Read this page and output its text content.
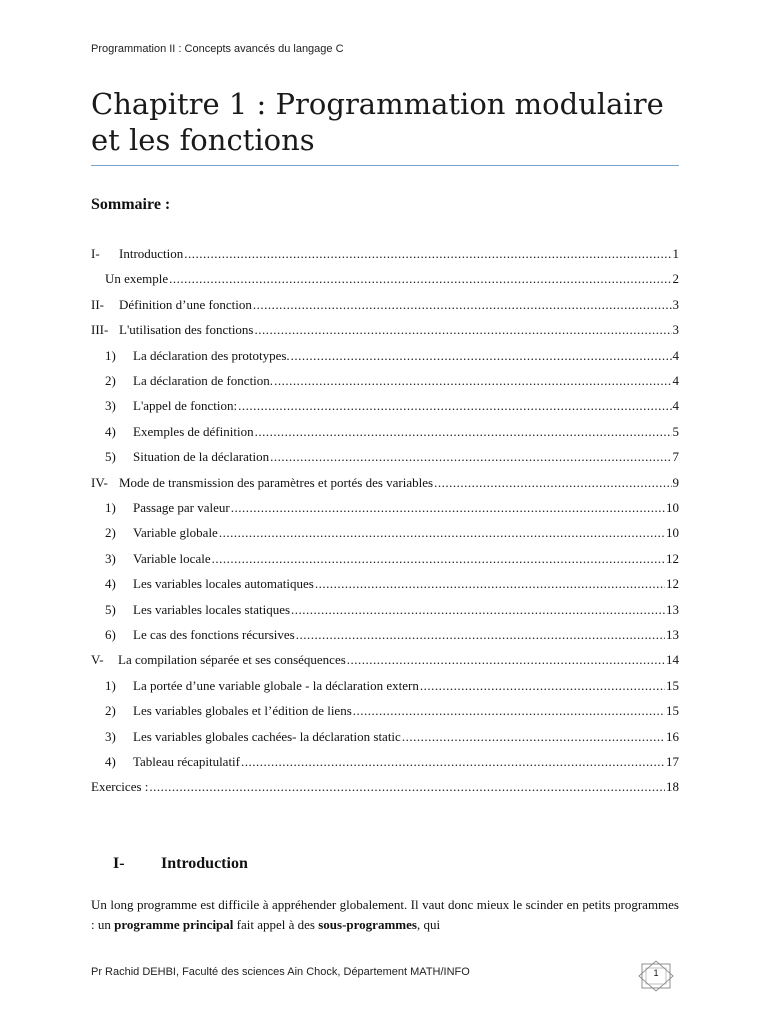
Programmation II : Concepts avancés du langage C
Chapitre 1 : Programmation modulaire
et les fonctions
Sommaire :
I-	Introduction .....	1
Un exemple .....	2
II-	Définition d’une fonction .....	3
III- L'utilisation des fonctions .....	3
1)	La déclaration des prototypes. .....	4
2)	La déclaration de fonction. .....	4
3)	L'appel de fonction: .....	4
4)	Exemples de définition .....	5
5)	Situation de la déclaration .....	7
IV- Mode de transmission des paramètres et portés des variables .....	9
1)	Passage par valeur .....	10
2)	Variable globale .....	10
3)	Variable locale .....	12
4)	Les variables locales automatiques .....	12
5)	Les variables locales statiques .....	13
6)	Le cas des fonctions récursives .....	13
V-	La compilation séparée et ses conséquences .....	14
1)	La portée d’une variable globale - la déclaration extern .....	15
2)	Les variables globales et l’édition de liens .....	15
3)	Les variables globales cachées- la déclaration static .....	16
4)	Tableau récapitulatif .....	17
Exercices : .....	18
I- Introduction
Un long programme est difficile à appréhender globalement. Il vaut donc mieux le scinder en petits programmes : un programme principal fait appel à des sous-programmes, qui
Pr Rachid DEHBI, Faculté des sciences Ain Chock, Département MATH/INFO	1
